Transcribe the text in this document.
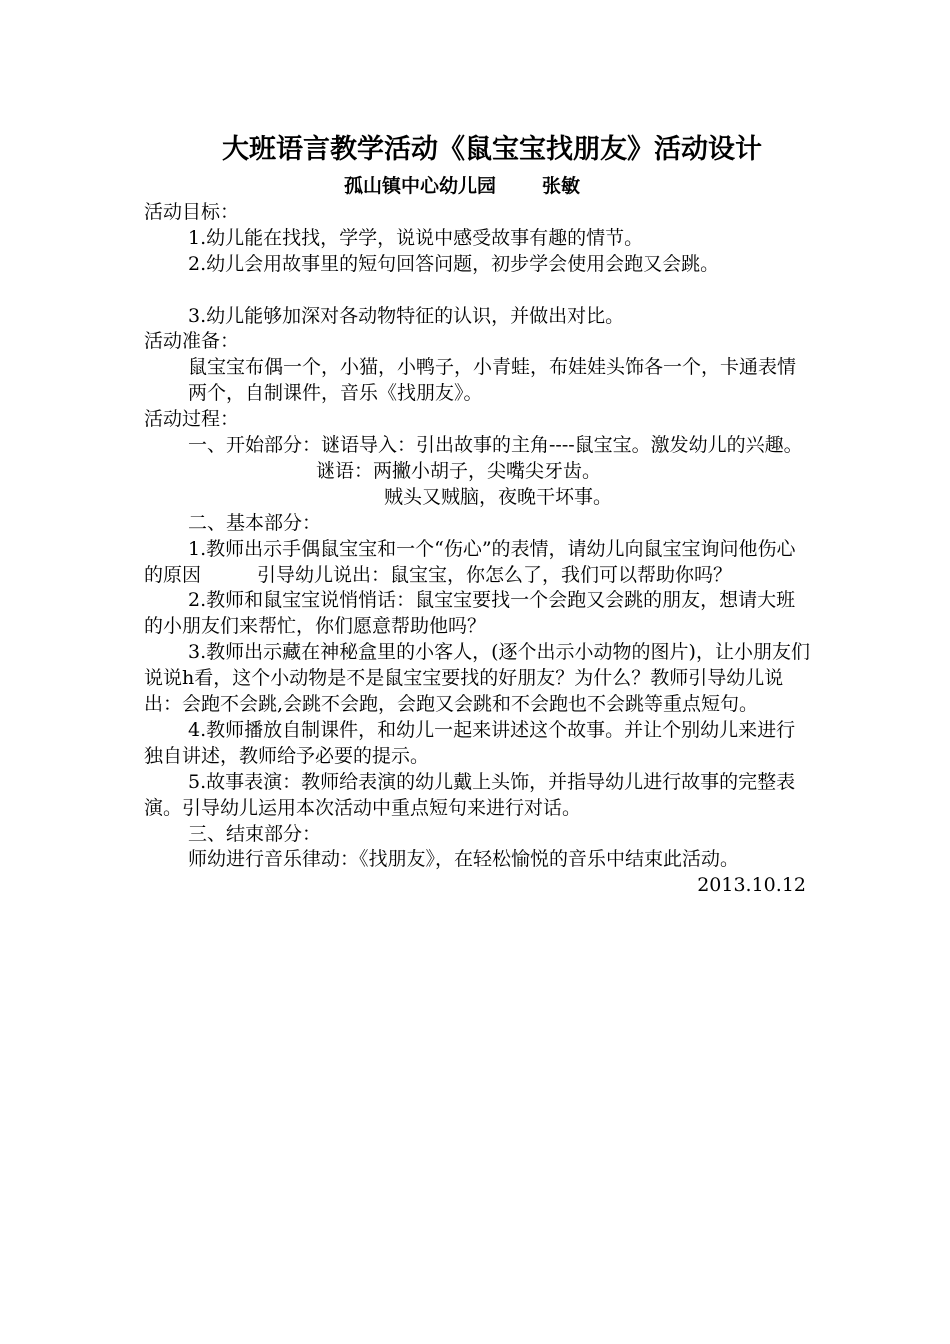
大班语言教学活动《鼠宝宝找朋友》活动设计
孤山镇中心幼儿园 张敏
活动目标：
1.幼儿能在找找，学学，说说中感受故事有趣的情节。
2.幼儿会用故事里的短句回答问题，初步学会使用会跑又会跳。
3.幼儿能够加深对各动物特征的认识，并做出对比。
活动准备：
鼠宝宝布偶一个，小猫，小鸭子，小青蛙，布娃娃头饰各一个，卡通表情两个，自制课件，音乐《找朋友》。
活动过程：
一、开始部分：谜语导入：引出故事的主角----鼠宝宝。激发幼儿的兴趣。
谜语：两撇小胡子，尖嘴尖牙齿。
贼头又贼脑，夜晚干坏事。
二、基本部分：
1.教师出示手偶鼠宝宝和一个“伤心”的表情，请幼儿向鼠宝宝询问他伤心的原因	引导幼儿说出：鼠宝宝，你怎么了，我们可以帮助你吗？
2.教师和鼠宝宝说悄悄话：鼠宝宝要找一个会跑又会跳的朋友，想请大班的小朋友们来帮忙，你们愿意帮助他吗？
3.教师出示藏在神秘盒里的小客人，(逐个出示小动物的图片)，让小朋友们说说h看，这个小动物是不是鼠宝宝要找的好朋友？为什么？教师引导幼儿说出：会跑不会跳,会跳不会跑，会跑又会跳和不会跑也不会跳等重点短句。
4.教师播放自制课件，和幼儿一起来讲述这个故事。并让个别幼儿来进行独自讲述，教师给予必要的提示。
5.故事表演：教师给表演的幼儿戴上头饰，并指导幼儿进行故事的完整表演。引导幼儿运用本次活动中重点短句来进行对话。
三、结束部分：
师幼进行音乐律动：《找朋友》，在轻松愉悦的音乐中结束此活动。
2013.10.12
